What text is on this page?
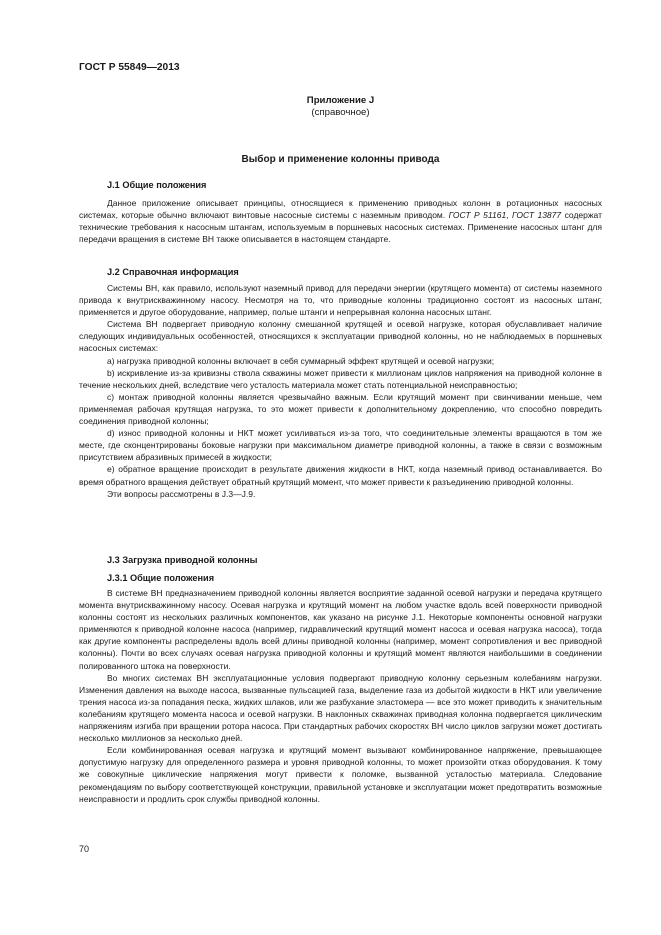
ГОСТ Р 55849—2013
Приложение J
(справочное)
Выбор и применение колонны привода
J.1 Общие положения

Данное приложение описывает принципы, относящиеся к применению приводных колонн в ротационных насосных системах, которые обычно включают винтовые насосные системы с наземным приводом. ГОСТ Р 51161, ГОСТ 13877 содержат технические требования к насосным штангам, используемым в поршневых насосных системах. Применение насосных штанг для передачи вращения в системе ВН также описывается в настоящем стандарте.

J.2 Справочная информация

Системы ВН, как правило, используют наземный привод для передачи энергии (крутящего момента) от системы наземного привода к внутрискважинному насосу. Несмотря на то, что приводные колонны традиционно состоят из насосных штанг, применяется и другое оборудование, например, полые штанги и непрерывная колонна насосных штанг.

Система ВН подвергает приводную колонну смешанной крутящей и осевой нагрузке, которая обуславливает наличие следующих индивидуальных особенностей, относящихся к эксплуатации приводной колонны, но не наблюдаемых в поршневых насосных системах:

а) нагрузка приводной колонны включает в себя суммарный эффект крутящей и осевой нагрузки;

b) искривление из-за кривизны ствола скважины может привести к миллионам циклов напряжения на приводной колонне в течение нескольких дней, вследствие чего усталость материала может стать потенциальной неисправностью;

с) монтаж приводной колонны является чрезвычайно важным. Если крутящий момент при свинчивании меньше, чем применяемая рабочая крутящая нагрузка, то это может привести к дополнительному докреплению, что способно повредить соединения приводной колонны;

d) износ приводной колонны и НКТ может усиливаться из-за того, что соединительные элементы вращаются в том же месте, где сконцентрированы боковые нагрузки при максимальном диаметре приводной колонны, а также в связи с возможным присутствием абразивных примесей в жидкости;

е) обратное вращение происходит в результате движения жидкости в НКТ, когда наземный привод останавливается. Во время обратного вращения действует обратный крутящий момент, что может привести к разъединению приводной колонны.

Эти вопросы рассмотрены в J.3—J.9.

J.3 Загрузка приводной колонны
J.3.1 Общие положения

В системе ВН предназначением приводной колонны является восприятие заданной осевой нагрузки и передача крутящего момента внутрискважинному насосу. Осевая нагрузка и крутящий момент на любом участке вдоль всей поверхности приводной колонны состоят из нескольких различных компонентов, как указано на рисунке J.1. Некоторые компоненты основной нагрузки применяются к приводной колонне насоса (например, гидравлический крутящий момент насоса и осевая нагрузка насоса), тогда как другие компоненты распределены вдоль всей длины приводной колонны (например, момент сопротивления и вес приводной колонны). Почти во всех случаях осевая нагрузка приводной колонны и крутящий момент являются наибольшими в соединении полированного штока на поверхности.

Во многих системах ВН эксплуатационные условия подвергают приводную колонну серьезным колебаниям нагрузки. Изменения давления на выходе насоса, вызванные пульсацией газа, выделение газа из добытой жидкости в НКТ или увеличение трения насоса из-за попадания песка, жидких шлаков, или же разбухание эластомера — все это может приводить к значительным колебаниям крутящего момента насоса и осевой нагрузки. В наклонных скважинах приводная колонна подвергается циклическим напряжениям изгиба при вращении ротора насоса. При стандартных рабочих скоростях ВН число циклов загрузки может достигать несколько миллионов за несколько дней.

Если комбинированная осевая нагрузка и крутящий момент вызывают комбинированное напряжение, превышающее допустимую нагрузку для определенного размера и уровня приводной колонны, то может произойти отказ оборудования. К тому же совокупные циклические напряжения могут привести к поломке, вызванной усталостью материала. Следование рекомендациям по выбору соответствующей конструкции, правильной установке и эксплуатации может предотвратить возможные неисправности и продлить срок службы приводной колонны.

70
